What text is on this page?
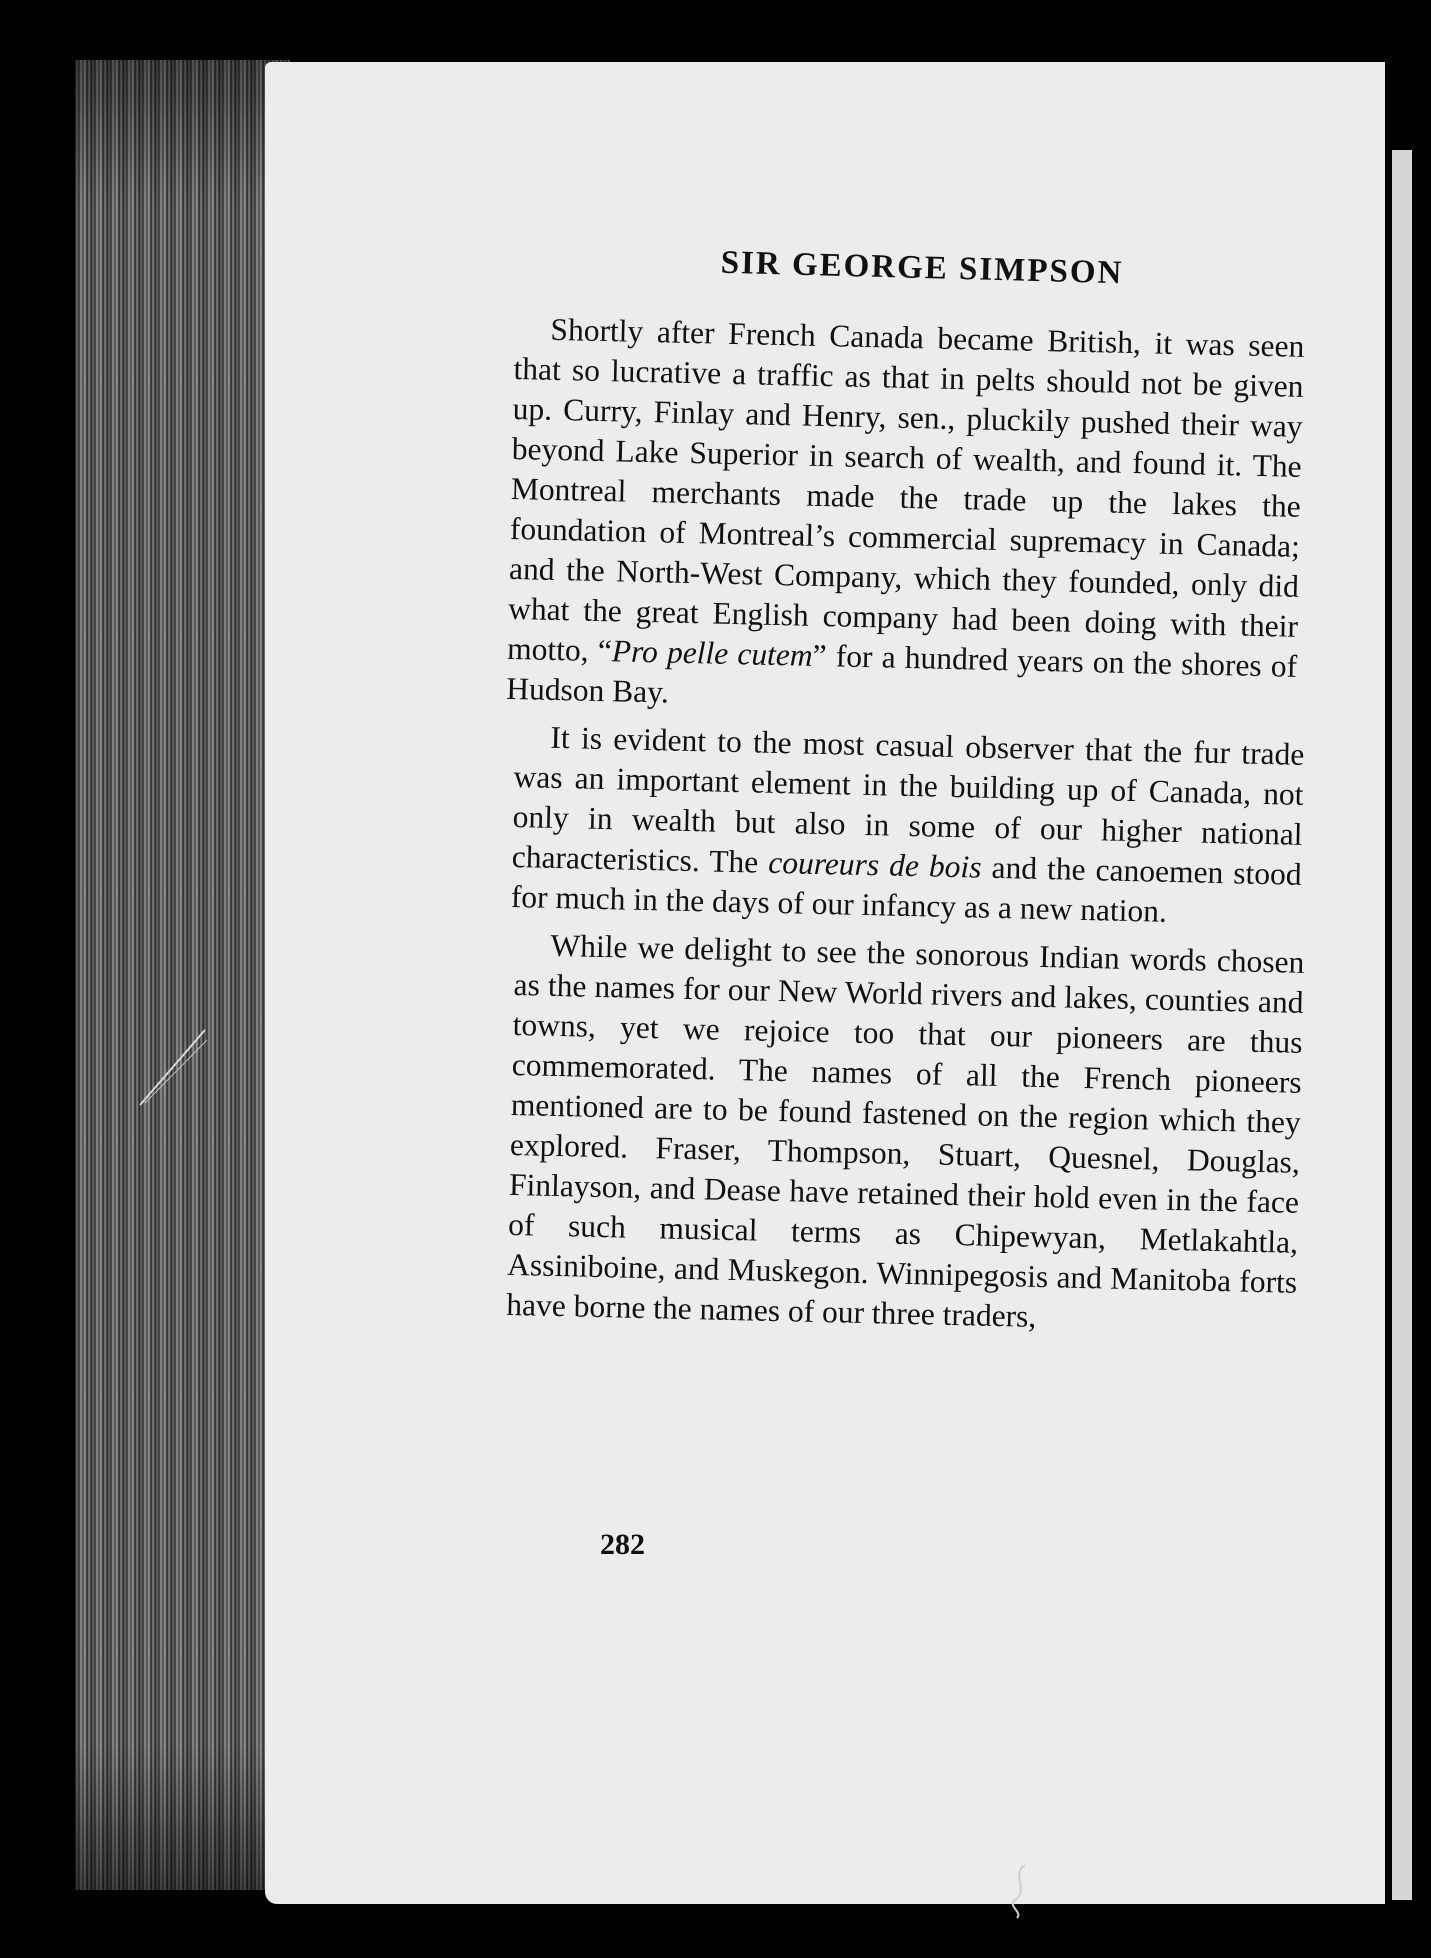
SIR GEORGE SIMPSON

Shortly after French Canada became British, it was seen that so lucrative a traffic as that in pelts should not be given up. Curry, Finlay and Henry, sen., pluckily pushed their way beyond Lake Superior in search of wealth, and found it. The Montreal merchants made the trade up the lakes the foundation of Montreal’s commercial supremacy in Canada; and the North-West Company, which they founded, only did what the great English company had been doing with their motto, “Pro pelle cutem” for a hundred years on the shores of Hudson Bay.

It is evident to the most casual observer that the fur trade was an important element in the building up of Canada, not only in wealth but also in some of our higher national characteristics. The coureurs de bois and the canoemen stood for much in the days of our infancy as a new nation.

While we delight to see the sonorous Indian words chosen as the names for our New World rivers and lakes, counties and towns, yet we rejoice too that our pioneers are thus commemorated. The names of all the French pioneers mentioned are to be found fastened on the region which they explored. Fraser, Thompson, Stuart, Quesnel, Douglas, Finlayson, and Dease have retained their hold even in the face of such musical terms as Chipewyan, Metlakahtla, Assiniboine, and Muskegon. Winnipegosis and Manitoba forts have borne the names of our three traders,

282
